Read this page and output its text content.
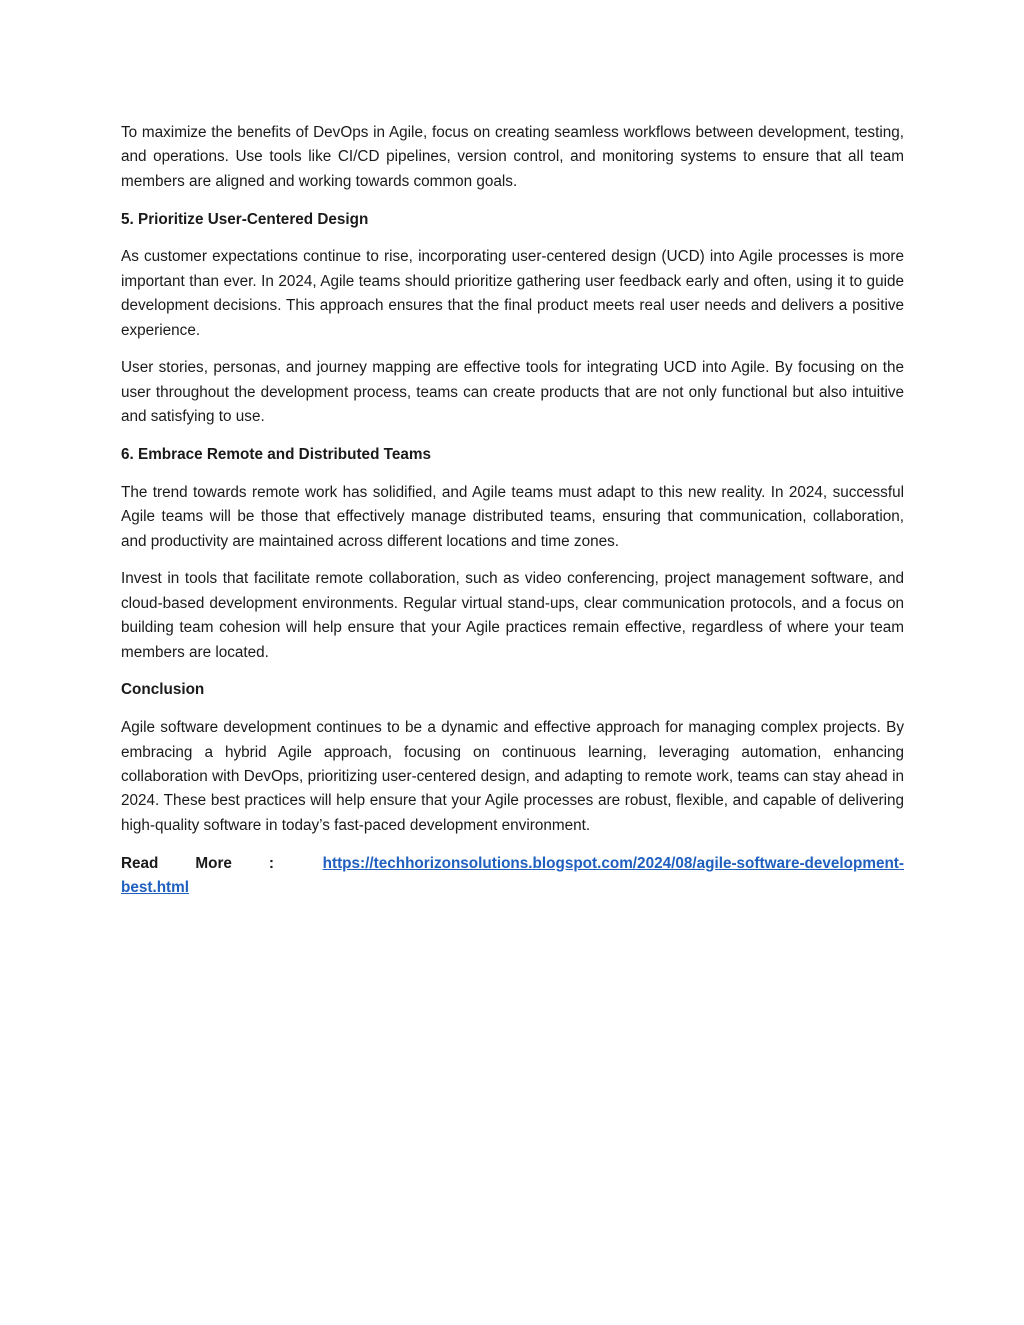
To maximize the benefits of DevOps in Agile, focus on creating seamless workflows between development, testing, and operations. Use tools like CI/CD pipelines, version control, and monitoring systems to ensure that all team members are aligned and working towards common goals.

5. Prioritize User-Centered Design

As customer expectations continue to rise, incorporating user-centered design (UCD) into Agile processes is more important than ever. In 2024, Agile teams should prioritize gathering user feedback early and often, using it to guide development decisions. This approach ensures that the final product meets real user needs and delivers a positive experience.

User stories, personas, and journey mapping are effective tools for integrating UCD into Agile. By focusing on the user throughout the development process, teams can create products that are not only functional but also intuitive and satisfying to use.

6. Embrace Remote and Distributed Teams

The trend towards remote work has solidified, and Agile teams must adapt to this new reality. In 2024, successful Agile teams will be those that effectively manage distributed teams, ensuring that communication, collaboration, and productivity are maintained across different locations and time zones.

Invest in tools that facilitate remote collaboration, such as video conferencing, project management software, and cloud-based development environments. Regular virtual stand-ups, clear communication protocols, and a focus on building team cohesion will help ensure that your Agile practices remain effective, regardless of where your team members are located.

Conclusion

Agile software development continues to be a dynamic and effective approach for managing complex projects. By embracing a hybrid Agile approach, focusing on continuous learning, leveraging automation, enhancing collaboration with DevOps, prioritizing user-centered design, and adapting to remote work, teams can stay ahead in 2024. These best practices will help ensure that your Agile processes are robust, flexible, and capable of delivering high-quality software in today’s fast-paced development environment.

Read More :	https://techhorizonsolutions.blogspot.com/2024/08/agile-software-development-
best.html
